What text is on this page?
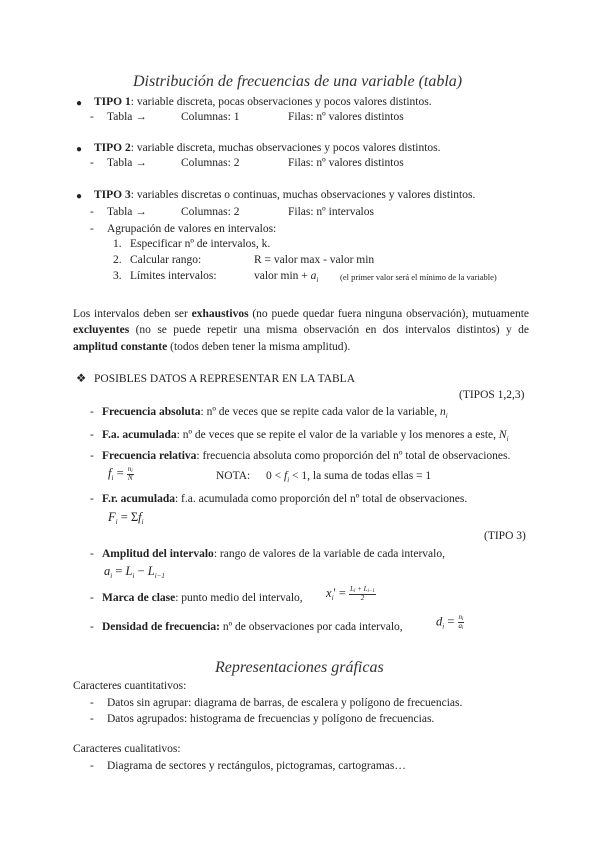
Distribución de frecuencias de una variable (tabla)
● TIPO 1: variable discreta, pocas observaciones y pocos valores distintos.
- Tabla →	Columnas: 1	Filas: nº valores distintos
● TIPO 2: variable discreta, muchas observaciones y pocos valores distintos.
- Tabla →	Columnas: 2	Filas: nº valores distintos
● TIPO 3: variables discretas o continuas, muchas observaciones y valores distintos.
- Tabla →	Columnas: 2	Filas: nº intervalos
- Agrupación de valores en intervalos:
1. Especificar nº de intervalos, k.
2. Calcular rango:	R = valor max - valor min
3. Límites intervalos:	valor $\min + a_i$	(el primer valor será el mínimo de la variable)
Los intervalos deben ser exhaustivos (no puede quedar fuera ninguna observación), mutuamente excluyentes (no se puede repetir una misma observación en dos intervalos distintos) y de amplitud constante (todos deben tener la misma amplitud).
❖ POSIBLES DATOS A REPRESENTAR EN LA TABLA
(TIPOS 1,2,3)
- Frecuencia absoluta: nº de veces que se repite cada valor de la variable, $n_i$
- F.a. acumulada: nº de veces que se repite el valor de la variable y los menores a este, $N_i$
- Frecuencia relativa: frecuencia absoluta como proporción del nº total de observaciones.
$f_i = \frac{n_i}{N}$	NOTA: $0 < f_i < 1$, la suma de todas ellas = 1
- F.r. acumulada: f.a. acumulada como proporción del nº total de observaciones.
$F_i = \Sigma f_i$
(TIPO 3)
- Amplitud del intervalo: rango de valores de la variable de cada intervalo,
$a_i = L_i - L_{i-1}$
- Marca de clase: punto medio del intervalo, $x_i' = \frac{L_i + L_{i-1}}{2}$
- Densidad de frecuencia: nº de observaciones por cada intervalo,	$d_i = \frac{n_i}{a_i}$
Representaciones gráficas
Caracteres cuantitativos:
- Datos sin agrupar: diagrama de barras, de escalera y polígono de frecuencias.
- Datos agrupados: histograma de frecuencias y polígono de frecuencias.
Caracteres cualitativos:
- Diagrama de sectores y rectángulos, pictogramas, cartogramas…
